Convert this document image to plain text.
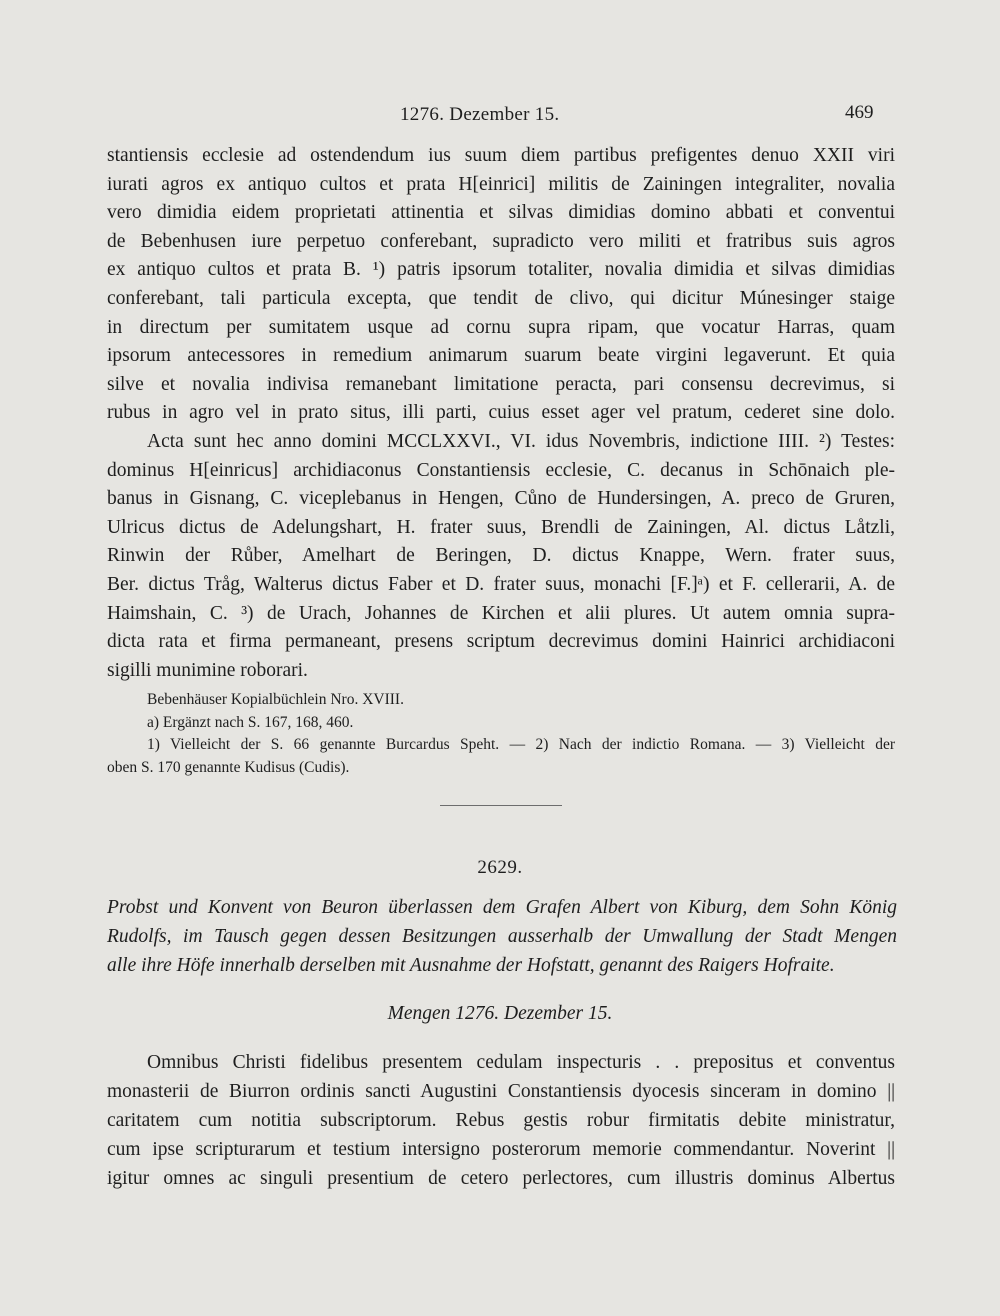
1276. Dezember 15.	469
stantiensis ecclesie ad ostendendum ius suum diem partibus prefigentes denuo XXII viri
iurati agros ex antiquo cultos et prata H[einrici] militis de Zainingen integraliter, novalia
vero dimidia eidem proprietati attinentia et silvas dimidias domino abbati et conventui
de Bebenhusen iure perpetuo conferebant, supradicto vero militi et fratribus suis agros
ex antiquo cultos et prata B. ¹) patris ipsorum totaliter, novalia dimidia et silvas dimidias
conferebant, tali particula excepta, que tendit de clivo, qui dicitur Múnesinger staige
in directum per sumitatem usque ad cornu supra ripam, que vocatur Harras, quam
ipsorum antecessores in remedium animarum suarum beate virgini legaverunt. Et quia
silve et novalia indivisa remanebant limitatione peracta, pari consensu decrevimus, si
rubus in agro vel in prato situs, illi parti, cuius esset ager vel pratum, cederet sine dolo.
Acta sunt hec anno domini MCCLXXVI., VI. idus Novembris, indictione IIII. ²) Testes:
dominus H[einricus] archidiaconus Constantiensis ecclesie, C. decanus in Schōnaich ple-
banus in Gisnang, C. viceplebanus in Hengen, Cůno de Hundersingen, A. preco de Gruren,
Ulricus dictus de Adelungshart, H. frater suus, Brendli de Zainingen, Al. dictus Låtzli,
Rinwin der Růber, Amelhart de Beringen, D. dictus Knappe, Wern. frater suus,
Ber. dictus Tråg, Walterus dictus Faber et D. frater suus, monachi [F.]ᵃ) et F. cellerarii, A. de
Haimshain, C. ³) de Urach, Johannes de Kirchen et alii plures. Ut autem omnia supra-
dicta rata et firma permaneant, presens scriptum decrevimus domini Hainrici archidiaconi
sigilli munimine roborari.
Bebenhäuser Kopialbüchlein Nro. XVIII.
a) Ergänzt nach S. 167, 168, 460.
1) Vielleicht der S. 66 genannte Burcardus Speht. — 2) Nach der indictio Romana. — 3) Vielleicht der
oben S. 170 genannte Kudisus (Cudis).
2629.
Probst und Konvent von Beuron überlassen dem Grafen Albert von Kiburg, dem Sohn König
Rudolfs, im Tausch gegen dessen Besitzungen ausserhalb der Umwallung der Stadt Mengen
alle ihre Höfe innerhalb derselben mit Ausnahme der Hofstatt, genannt des Raigers Hofraite.
Mengen 1276. Dezember 15.
Omnibus Christi fidelibus presentem cedulam inspecturis . . prepositus et conventus
monasterii de Biurron ordinis sancti Augustini Constantiensis dyocesis sinceram in domino ||
caritatem cum notitia subscriptorum. Rebus gestis robur firmitatis debite ministratur,
cum ipse scripturarum et testium intersigno posterorum memorie commendantur. Noverint ||
igitur omnes ac singuli presentium de cetero perlectores, cum illustris dominus Albertus
